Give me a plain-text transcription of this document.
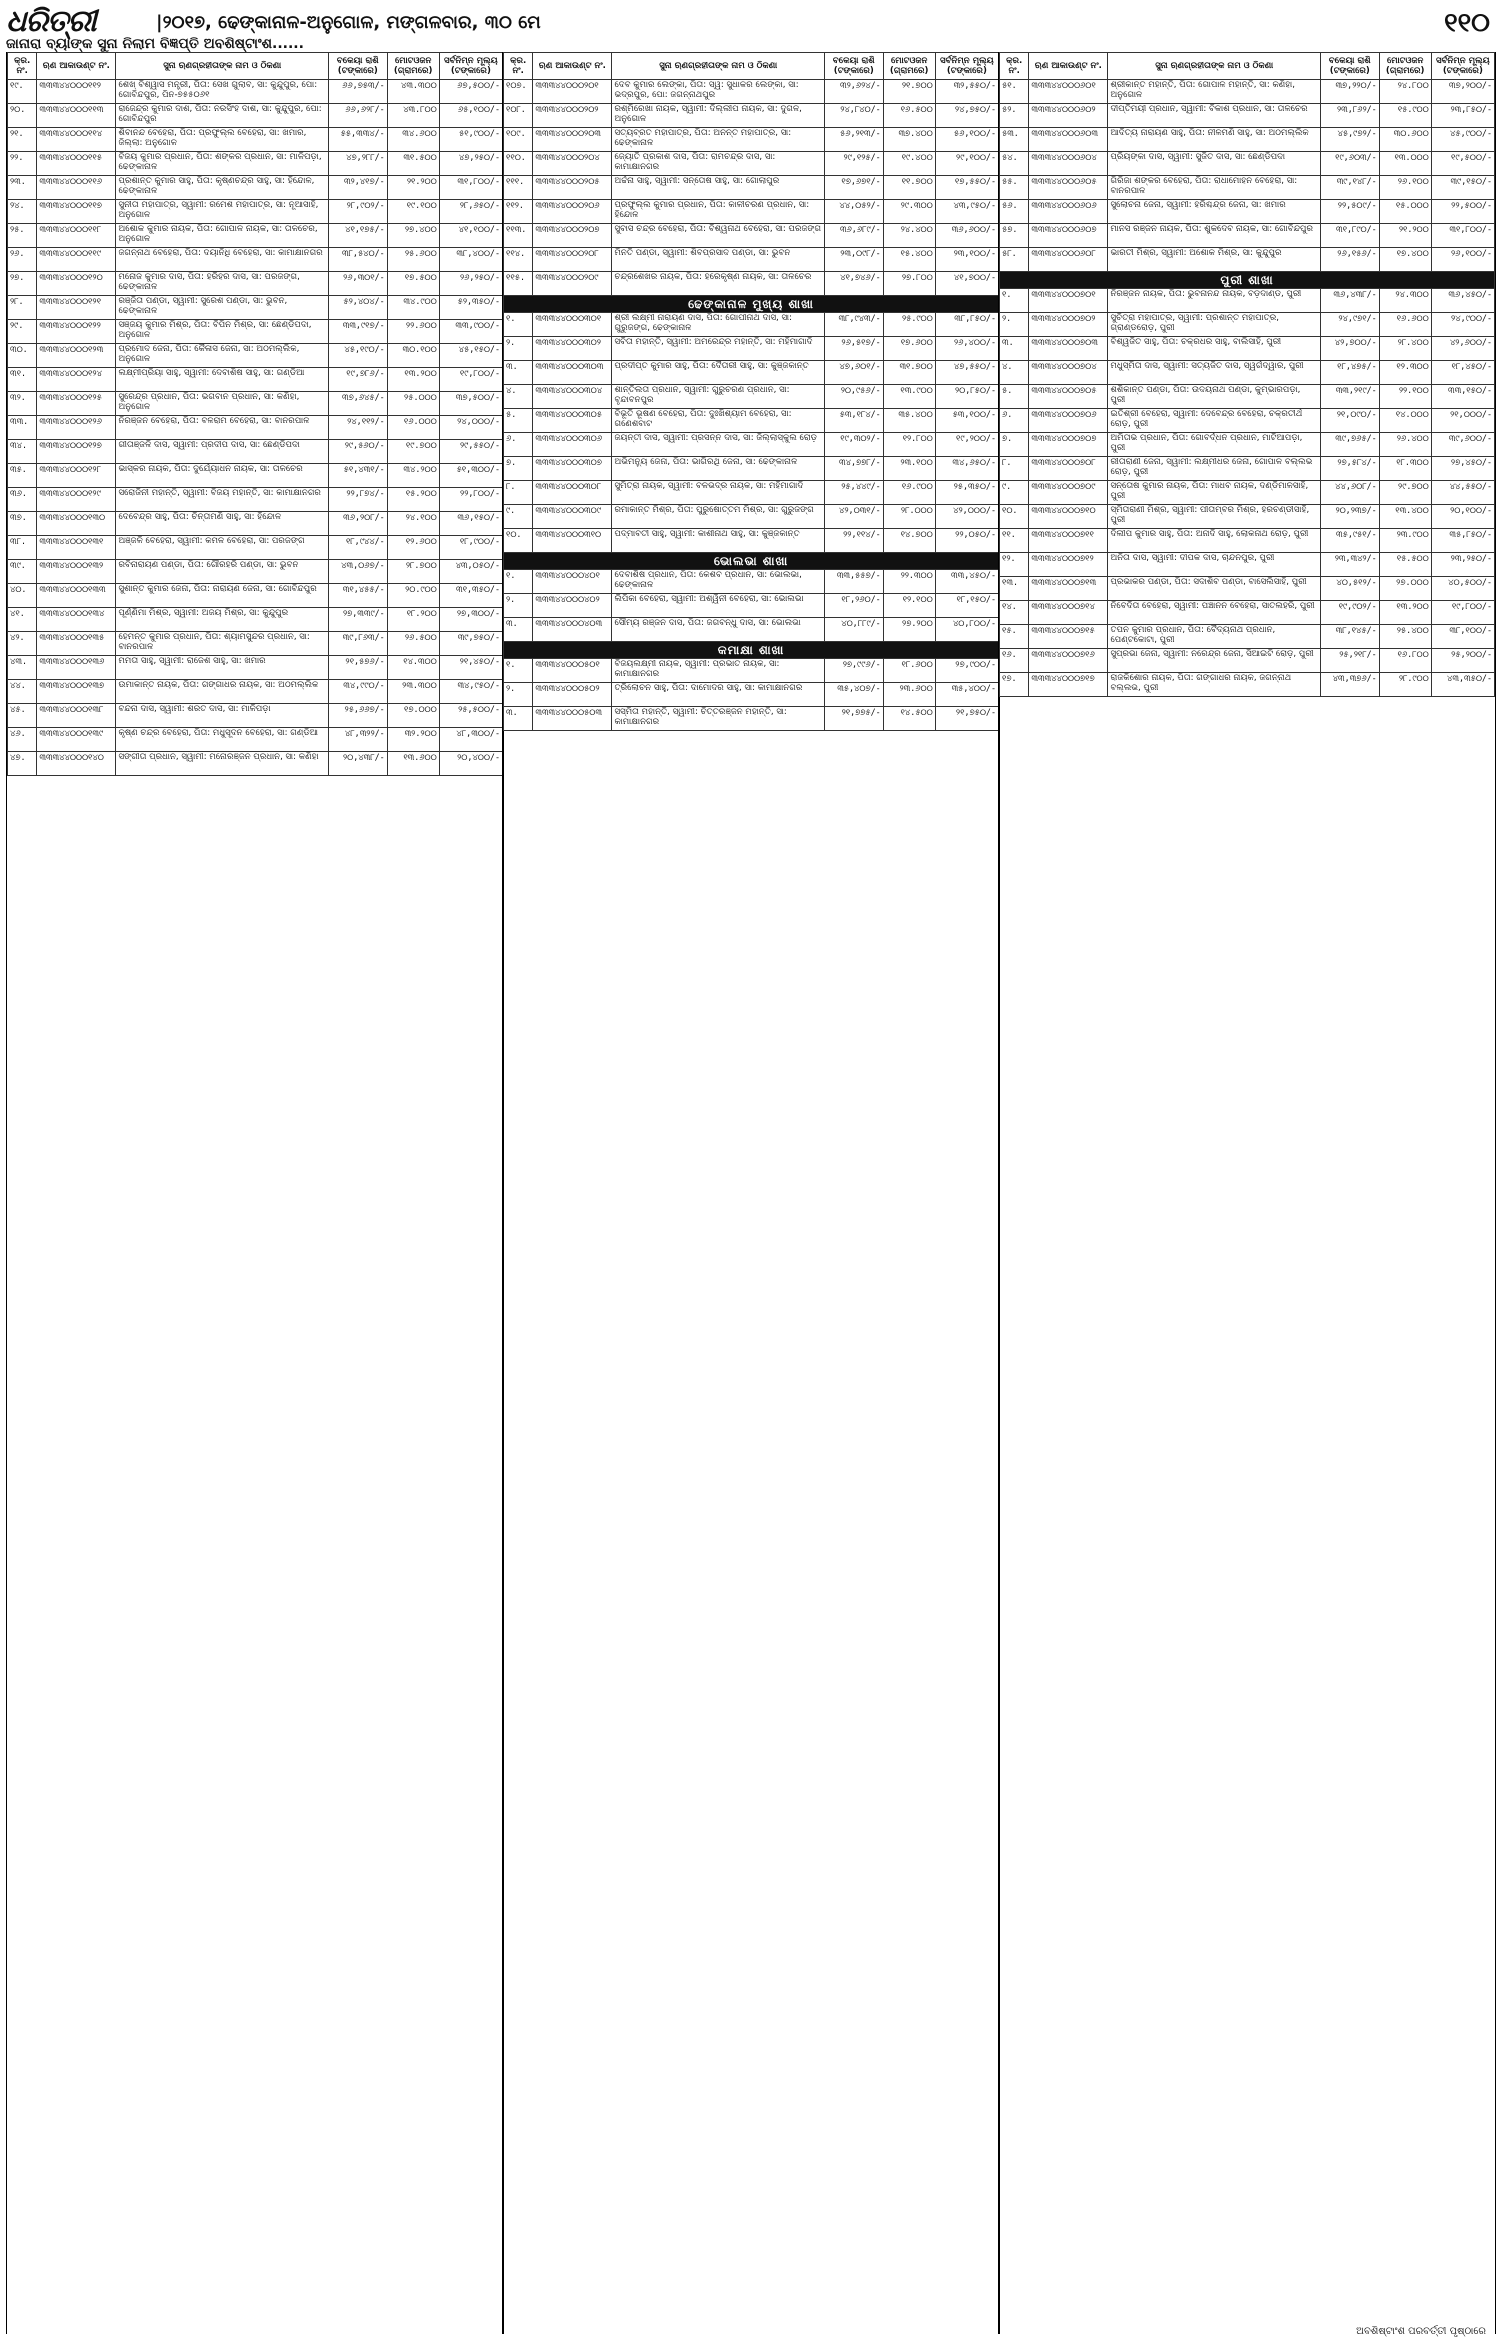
ଧରିତ୍ରୀ	|୨୦୧୭, ଢେଙ୍କାନାଳ-ଅନୁଗୋଳ, ମଙ୍ଗଳବାର, ୩୦ ମେ	୧୧୦
ଜାନାରା ବ୍ୟାଙ୍କ ସୁନା ନିଲାମ ବିଜ୍ଞପ୍ତି ଅବଶିଷ୍ଟାଂଶ......
କ୍ର. ନଂ.	ଋଣ ଆକାଉଣ୍ଟ ନଂ.	ସୁନା ଋଣଗ୍ରହୀତାଙ୍କ ନାମ ଓ ଠିକଣା	ବକେୟା ରାଶି (ଟଙ୍କାରେ)	ମୋଟଓଜନ (ଗ୍ରାମରେ)	ସର୍ବନିମ୍ନ ମୂଲ୍ୟ (ଟଙ୍କାରେ)
୧୯.	୩୩୩୪୪୦୦୦୧୧୨	ଶେଖ୍ ବିଶ୍ୱାସ ମନ୍ତ୍ରୀ, ପିତା: ସେଖ ଗୁଲାବ, ସା: କୁନ୍ଦୁପୁର, ପୋ: ଗୋବିନ୍ଦପୁର, ପିନ-୭୫୫୦୬୧	୬୬,୭୫୩/-	୪୩.୩୦୦	୬୭,୫୦୦/-
୨୦.	୩୩୩୪୪୦୦୦୧୧୩	ରାଜେନ୍ଦ୍ର କୁମାର ଦାଶ, ପିତା: ନରସିଂହ ଦାଶ, ସା: କୁନ୍ଦୁପୁର, ପୋ: ଗୋବିନ୍ଦପୁର	୬୬,୬୨୮/-	୪୩.୮୦୦	୬୫,୧୦୦/-
୨୧.	୩୩୩୪୪୦୦୦୧୧୪	ଶିବାନନ୍ଦ ବେହେରା, ପିତା: ପ୍ରଫୁଲ୍ଲ ବେହେରା, ସା: ଖମାର, ଜିଲ୍ଲା: ଅନୁଗୋଳ	୫୫,୩୩୪/-	୩୪.୬୦୦	୫୧,୯୦୦/-
୨୨.	୩୩୩୪୪୦୦୦୧୧୫	ବିଜୟ କୁମାର ପ୍ରଧାନ, ପିତା: ଶଙ୍କର ପ୍ରଧାନ, ସା: ମାଳିପଡ଼ା, ଢେଙ୍କାନାଳ	୪୭,୨୮୮/-	୩୧.୫୦୦	୪୭,୨୫୦/-
୨୩.	୩୩୩୪୪୦୦୦୧୧୬	ପ୍ରଶାନ୍ତ କୁମାର ସାହୁ, ପିତା: କୃଷ୍ଣଚନ୍ଦ୍ର ସାହୁ, ସା: ହିନ୍ଦୋଳ, ଢେଙ୍କାନାଳ	୩୨,୪୧୭/-	୨୧.୨୦୦	୩୧,୮୦୦/-
୨୪.	୩୩୩୪୪୦୦୦୧୧୭	ସୁନୀତା ମହାପାତ୍ର, ସ୍ୱାମୀ: ରମେଶ ମହାପାତ୍ର, ସା: ନୂଆସାହି, ଅନୁଗୋଳ	୨୮,୯୦୨/-	୧୯.୧୦୦	୨୮,୬୫୦/-
୨୫.	୩୩୩୪୪୦୦୦୧୧୮	ଅଶୋକ କୁମାର ନାୟକ, ପିତା: ଗୋପାଳ ନାୟକ, ସା: ତାଳଚେର, ଅନୁଗୋଳ	୪୧,୧୭୫/-	୨୭.୪୦୦	୪୧,୧୦୦/-
୨୬.	୩୩୩୪୪୦୦୦୧୧୯	ଜଗନ୍ନାଥ ବେହେରା, ପିତା: ଦୟାନିଧି ବେହେରା, ସା: କାମାକ୍ଷାନଗର	୩୮,୫୪୦/-	୨୫.୬୦୦	୩୮,୪୦୦/-
୨୭.	୩୩୩୪୪୦୦୦୧୨୦	ମନୋଜ କୁମାର ଦାସ, ପିତା: ହରିହର ଦାସ, ସା: ପରଜଙ୍ଗ, ଢେଙ୍କାନାଳ	୨୬,୩୦୧/-	୧୭.୫୦୦	୨୬,୨୫୦/-
୨୮.	୩୩୩୪୪୦୦୦୧୨୧	ରଞ୍ଜିତା ପଣ୍ଡା, ସ୍ୱାମୀ: ସୁରେଶ ପଣ୍ଡା, ସା: ଭୁବନ, ଢେଙ୍କାନାଳ	୫୨,୪୦୪/-	୩୪.୯୦୦	୫୨,୩୫୦/-
୨୯.	୩୩୩୪୪୦୦୦୧୨୨	ସଞ୍ଜୟ କୁମାର ମିଶ୍ର, ପିତା: ବିପିନ ମିଶ୍ର, ସା: ଛେଣ୍ଡିପଦା, ଅନୁଗୋଳ	୩୩,୯୧୭/-	୨୨.୬୦୦	୩୩,୯୦୦/-
୩୦.	୩୩୩୪୪୦୦୦୧୨୩	ପ୍ରମୋଦ ଜେନା, ପିତା: କୈଳାସ ଜେନା, ସା: ଅଠମଲ୍ଲିକ, ଅନୁଗୋଳ	୪୫,୧୯୦/-	୩୦.୧୦୦	୪୫,୧୫୦/-
୩୧.	୩୩୩୪୪୦୦୦୧୨୪	ଲକ୍ଷ୍ମୀପ୍ରିୟା ସାହୁ, ସ୍ୱାମୀ: ଦେବାଶିଷ ସାହୁ, ସା: ଗଣ୍ଡିଆ	୧୯,୭୮୬/-	୧୩.୨୦୦	୧୯,୮୦୦/-
୩୨.	୩୩୩୪୪୦୦୦୧୨୫	ସୁରେନ୍ଦ୍ର ପ୍ରଧାନ, ପିତା: ଭଗବାନ ପ୍ରଧାନ, ସା: କଣିହା, ଅନୁଗୋଳ	୩୭,୬୪୫/-	୨୫.୦୦୦	୩୭,୫୦୦/-
୩୩.	୩୩୩୪୪୦୦୦୧୨୬	ନିରଞ୍ଜନ ବେହେରା, ପିତା: ବଳରାମ ବେହେରା, ସା: ବାନରପାଳ	୨୪,୧୧୨/-	୧୬.୦୦୦	୨୪,୦୦୦/-
୩୪.	୩୩୩୪୪୦୦୦୧୨୭	ଗୀତାଞ୍ଜଳି ଦାସ, ସ୍ୱାମୀ: ପ୍ରଦୀପ ଦାସ, ସା: ଛେଣ୍ଡିପଦା	୨୯,୫୬୦/-	୧୯.୭୦୦	୨୯,୫୫୦/-
୩୫.	୩୩୩୪୪୦୦୦୧୨୮	ଭାସ୍କର ନାୟକ, ପିତା: ଦୁର୍ଯ୍ୟୋଧନ ନାୟକ, ସା: ତାଳଚେର	୫୧,୪୩୧/-	୩୪.୨୦୦	୫୧,୩୦୦/-
୩୬.	୩୩୩୪୪୦୦୦୧୨୯	ସରୋଜିନୀ ମହାନ୍ତି, ସ୍ୱାମୀ: ବିଜୟ ମହାନ୍ତି, ସା: କାମାକ୍ଷାନଗର	୨୨,୮୭୪/-	୧୫.୨୦୦	୨୨,୮୦୦/-
୩୭.	୩୩୩୪୪୦୦୦୧୩୦	ଦେବେନ୍ଦ୍ର ସାହୁ, ପିତା: ଚିନ୍ତାମଣି ସାହୁ, ସା: ହିନ୍ଦୋଳ	୩୬,୨୦୮/-	୨୪.୧୦୦	୩୬,୧୫୦/-
୩୮.	୩୩୩୪୪୦୦୦୧୩୧	ଅଞ୍ଜଳି ବେହେରା, ସ୍ୱାମୀ: କମଳ ବେହେରା, ସା: ପରଜଙ୍ଗ	୧୮,୯୪୪/-	୧୨.୬୦୦	୧୮,୯୦୦/-
୩୯.	୩୩୩୪୪୦୦୦୧୩୨	ରବିନାରାୟଣ ପଣ୍ଡା, ପିତା: ଗୌରହରି ପଣ୍ଡା, ସା: ଭୁବନ	୪୩,୦୬୭/-	୨୮.୭୦୦	୪୩,୦୫୦/-
୪୦.	୩୩୩୪୪୦୦୦୧୩୩	ସୁଶାନ୍ତ କୁମାର ଜେନା, ପିତା: ନାରାୟଣ ଜେନା, ସା: ଗୋବିନ୍ଦପୁର	୩୧,୪୫୫/-	୨୦.୯୦୦	୩୧,୩୫୦/-
୪୧.	୩୩୩୪୪୦୦୦୧୩୪	ପୂର୍ଣ୍ଣିମା ମିଶ୍ର, ସ୍ୱାମୀ: ଅଜୟ ମିଶ୍ର, ସା: କୁନ୍ଦୁପୁର	୨୭,୩୩୯/-	୧୮.୨୦୦	୨୭,୩୦୦/-
୪୨.	୩୩୩୪୪୦୦୦୧୩୫	ହେମନ୍ତ କୁମାର ପ୍ରଧାନ, ପିତା: ଶ୍ୟାମସୁନ୍ଦର ପ୍ରଧାନ, ସା: ବାନରପାଳ	୩୯,୮୬୩/-	୨୬.୫୦୦	୩୯,୭୫୦/-
୪୩.	୩୩୩୪୪୦୦୦୧୩୬	ମମତା ସାହୁ, ସ୍ୱାମୀ: ରାଜେଶ ସାହୁ, ସା: ଖମାର	୨୧,୫୭୬/-	୧୪.୩୦୦	୨୧,୪୫୦/-
୪୪.	୩୩୩୪୪୦୦୦୧୩୭	ଉମାକାନ୍ତ ନାୟକ, ପିତା: ଗଙ୍ଗାଧର ନାୟକ, ସା: ଅଠମଲ୍ଲିକ	୩୪,୯୯୦/-	୨୩.୩୦୦	୩୪,୯୫୦/-
୪୫.	୩୩୩୪୪୦୦୦୧୩୮	ବନ୍ଦନା ଦାସ, ସ୍ୱାମୀ: ଶରତ ଦାସ, ସା: ମାଳିପଡ଼ା	୨୫,୬୬୭/-	୧୭.୦୦୦	୨୫,୫୦୦/-
୪୬.	୩୩୩୪୪୦୦୦୧୩୯	କୃଷ୍ଣ ଚନ୍ଦ୍ର ବେହେରା, ପିତା: ମଧୁସୂଦନ ବେହେରା, ସା: ଗଣ୍ଡିଆ	୪୮,୩୨୨/-	୩୨.୨୦୦	୪୮,୩୦୦/-
୪୭.	୩୩୩୪୪୦୦୦୧୪୦	ସଙ୍ଗୀତା ପ୍ରଧାନ, ସ୍ୱାମୀ: ମନୋରଞ୍ଜନ ପ୍ରଧାନ, ସା: କଣିହା	୨୦,୪୩୮/-	୧୩.୬୦୦	୨୦,୪୦୦/-
କ୍ର. ନଂ.	ଋଣ ଆକାଉଣ୍ଟ ନଂ.	ସୁନା ଋଣଗ୍ରହୀତାଙ୍କ ନାମ ଓ ଠିକଣା	ବକେୟା ରାଶି (ଟଙ୍କାରେ)	ମୋଟଓଜନ (ଗ୍ରାମରେ)	ସର୍ବନିମ୍ନ ମୂଲ୍ୟ (ଟଙ୍କାରେ)
୧୦୭.	୩୩୩୪୪୦୦୦୨୦୧	ଦେବ କୁମାର ଲେଙ୍କା, ପିତା: ସ୍ୱ: ସୁଧାକର ଲେଙ୍କା, ସା: ଭଦ୍ରପୁର, ପୋ: ଜଗନ୍ନାଥପୁର	୩୨,୬୨୪/-	୨୧.୭୦୦	୩୨,୫୫୦/-
୧୦୮.	୩୩୩୪୪୦୦୦୨୦୨	ରଶ୍ମିରେଖା ନାୟକ, ସ୍ୱାମୀ: ଦିଲ୍ଲୀପ ନାୟକ, ସା: ଦୁଗଳ, ଅନୁଗୋଳ	୨୪,୮୪୦/-	୧୬.୫୦୦	୨୪,୭୫୦/-
୧୦୯.	୩୩୩୪୪୦୦୦୨୦୩	ସତ୍ୟବ୍ରତ ମହାପାତ୍ର, ପିତା: ଅନନ୍ତ ମହାପାତ୍ର, ସା: ଢେଙ୍କାନାଳ	୫୬,୨୧୩/-	୩୭.୪୦୦	୫୬,୧୦୦/-
୧୧୦.	୩୩୩୪୪୦୦୦୨୦୪	ଜ୍ୟୋତି ପ୍ରକାଶ ଦାସ, ପିତା: ରାମଚନ୍ଦ୍ର ଦାସ, ସା: କାମାକ୍ଷାନଗର	୨୯,୧୨୫/-	୧୯.୪୦୦	୨୯,୧୦୦/-
୧୧୧.	୩୩୩୪୪୦୦୦୨୦୫	ଅର୍ଚ୍ଚନା ସାହୁ, ସ୍ୱାମୀ: ସନ୍ତୋଷ ସାହୁ, ସା: ଗୋଲାପୁର	୧୭,୬୭୧/-	୧୧.୭୦୦	୧୭,୫୫୦/-
୧୧୨.	୩୩୩୪୪୦୦୦୨୦୬	ପ୍ରଫୁଲ୍ଲ କୁମାର ପ୍ରଧାନ, ପିତା: କାଳୀଚରଣ ପ୍ରଧାନ, ସା: ହିନ୍ଦୋଳ	୪୪,୦୫୨/-	୨୯.୩୦୦	୪୩,୯୫୦/-
୧୧୩.	୩୩୩୪୪୦୦୦୨୦୭	ସୁବାସ ଚନ୍ଦ୍ର ବେହେରା, ପିତା: ବିଶ୍ୱନାଥ ବେହେରା, ସା: ପରଜଙ୍ଗ	୩୬,୬୮୯/-	୨୪.୪୦୦	୩୬,୬୦୦/-
୧୧୪.	୩୩୩୪୪୦୦୦୨୦୮	ମିନତି ପଣ୍ଡା, ସ୍ୱାମୀ: ଶିବପ୍ରସାଦ ପଣ୍ଡା, ସା: ଭୁବନ	୨୩,୦୯୮/-	୧୫.୪୦୦	୨୩,୧୦୦/-
୧୧୫.	୩୩୩୪୪୦୦୦୨୦୯	ଚନ୍ଦ୍ରଶେଖର ନାୟକ, ପିତା: ହରେକୃଷ୍ଣ ନାୟକ, ସା: ତାଳଚେର	୪୧,୭୪୬/-	୨୭.୮୦୦	୪୧,୭୦୦/-
ଢେଙ୍କାନାଳ ମୁଖ୍ୟ ଶାଖା					
୧.	୩୩୩୪୪୦୦୦୩୦୧	ଶ୍ରୀ ଲକ୍ଷ୍ମୀ ନାରାୟଣ ଦାସ, ପିତା: ଗୋପୀନାଥ ଦାସ, ସା: ଗୁରୁଜଙ୍ଗ, ଢେଙ୍କାନାଳ	୩୮,୯୪୩/-	୨୫.୯୦୦	୩୮,୮୫୦/-
୨.	୩୩୩୪୪୦୦୦୩୦୨	ସବିତା ମହାନ୍ତି, ସ୍ୱାମୀ: ଅମରେନ୍ଦ୍ର ମହାନ୍ତି, ସା: ମହିମାଗାଦି	୨୬,୫୧୭/-	୧୭.୬୦୦	୨୬,୪୦୦/-
୩.	୩୩୩୪୪୦୦୦୩୦୩	ପ୍ରଦୀପ୍ତ କୁମାର ସାହୁ, ପିତା: ଦୈତାରୀ ସାହୁ, ସା: କୁଞ୍ଜକାନ୍ତ	୪୭,୬୦୧/-	୩୧.୭୦୦	୪୭,୫୫୦/-
୪.	୩୩୩୪୪୦୦୦୩୦୪	ଶାନ୍ତିଲତା ପ୍ରଧାନ, ସ୍ୱାମୀ: ଗୁରୁଚରଣ ପ୍ରଧାନ, ସା: ବୃନ୍ଦାବନପୁର	୨୦,୯୫୬/-	୧୩.୯୦୦	୨୦,୮୫୦/-
୫.	୩୩୩୪୪୦୦୦୩୦୫	ବିଭୂତି ଭୂଷଣ ବେହେରା, ପିତା: ଦୁଃଖିଶ୍ୟାମ ବେହେରା, ସା: ଗଣେଶବାଟ	୫୩,୧୮୪/-	୩୫.୪୦୦	୫୩,୧୦୦/-
୬.	୩୩୩୪୪୦୦୦୩୦୬	ଜୟନ୍ତୀ ଦାସ, ସ୍ୱାମୀ: ପ୍ରସନ୍ନ ଦାସ, ସା: ଜିଲ୍ଲାସ୍କୁଲ ରୋଡ଼	୧୯,୩୦୨/-	୧୨.୮୦୦	୧୯,୨୦୦/-
୭.	୩୩୩୪୪୦୦୦୩୦୭	ଅଭିମନ୍ୟୁ ଜେନା, ପିତା: ଭାଗିରଥି ଜେନା, ସା: ଢେଙ୍କାନାଳ	୩୪,୭୭୮/-	୨୩.୧୦୦	୩୪,୬୫୦/-
୮.	୩୩୩୪୪୦୦୦୩୦୮	ସୁମିତ୍ରା ନାୟକ, ସ୍ୱାମୀ: ବଳଭଦ୍ର ନାୟକ, ସା: ମହିମାଗାଦି	୨୫,୪୪୯/-	୧୬.୯୦୦	୨୫,୩୫୦/-
୯.	୩୩୩୪୪୦୦୦୩୦୯	ରମାକାନ୍ତ ମିଶ୍ର, ପିତା: ପୁରୁଷୋତ୍ତମ ମିଶ୍ର, ସା: ଗୁରୁଜଙ୍ଗ	୪୨,୦୩୧/-	୨୮.୦୦୦	୪୨,୦୦୦/-
୧୦.	୩୩୩୪୪୦୦୦୩୧୦	ପଦ୍ମାବତୀ ସାହୁ, ସ୍ୱାମୀ: କାଶୀନାଥ ସାହୁ, ସା: କୁଞ୍ଜକାନ୍ତ	୨୨,୧୧୪/-	୧୪.୭୦୦	୨୨,୦୫୦/-
ଭୋଲଭା ଶାଖା					
୧.	୩୩୩୪୪୦୦୦୪୦୧	ଦେବାଶିଷ ପ୍ରଧାନ, ପିତା: କେଶବ ପ୍ରଧାନ, ସା: ଭୋଲଭା, ଢେଙ୍କାନାଳ	୩୩,୫୫୭/-	୨୨.୩୦୦	୩୩,୪୫୦/-
୨.	୩୩୩୪୪୦୦୦୪୦୨	ଲିପିକା ବେହେରା, ସ୍ୱାମୀ: ଅଶ୍ୱିନୀ ବେହେରା, ସା: ଭୋଲଭା	୧୮,୨୬୦/-	୧୨.୧୦୦	୧୮,୧୫୦/-
୩.	୩୩୩୪୪୦୦୦୪୦୩	ସୌମ୍ୟ ରଞ୍ଜନ ଦାସ, ପିତା: ଜଗବନ୍ଧୁ ଦାସ, ସା: ଭୋଲଭା	୪୦,୮୮୯/-	୨୭.୨୦୦	୪୦,୮୦୦/-
କମାକ୍ଷା ଶାଖା					
୧.	୩୩୩୪୪୦୦୦୫୦୧	ବିଜୟଲକ୍ଷ୍ମୀ ନାୟକ, ସ୍ୱାମୀ: ପ୍ରଭାତ ନାୟକ, ସା: କାମାକ୍ଷାନଗର	୨୭,୯୯୬/-	୧୮.୬୦୦	୨୭,୯୦୦/-
୨.	୩୩୩୪୪୦୦୦୫୦୨	ତ୍ରିଲୋଚନ ସାହୁ, ପିତା: ଦାମୋଦର ସାହୁ, ସା: କାମାକ୍ଷାନଗର	୩୫,୪୦୭/-	୨୩.୬୦୦	୩୫,୪୦୦/-
୩.	୩୩୩୪୪୦୦୦୫୦୩	ସସ୍ମିତା ମହାନ୍ତି, ସ୍ୱାମୀ: ଚିତ୍ତରଞ୍ଜନ ମହାନ୍ତି, ସା: କାମାକ୍ଷାନଗର	୨୧,୭୭୫/-	୧୪.୫୦୦	୨୧,୭୫୦/-
କ୍ର. ନଂ.	ଋଣ ଆକାଉଣ୍ଟ ନଂ.	ସୁନା ଋଣଗ୍ରହୀତାଙ୍କ ନାମ ଓ ଠିକଣା	ବକେୟା ରାଶି (ଟଙ୍କାରେ)	ମୋଟଓଜନ (ଗ୍ରାମରେ)	ସର୍ବନିମ୍ନ ମୂଲ୍ୟ (ଟଙ୍କାରେ)
୫୧.	୩୩୩୪୪୦୦୦୬୦୧	ଶ୍ରୀକାନ୍ତ ମହାନ୍ତି, ପିତା: ଗୋପାଳ ମହାନ୍ତି, ସା: କଣିହା, ଅନୁଗୋଳ	୩୭,୨୨୦/-	୨୪.୮୦୦	୩୭,୨୦୦/-
୫୨.	୩୩୩୪୪୦୦୦୬୦୨	ଦୀପ୍ତିମୟୀ ପ୍ରଧାନ, ସ୍ୱାମୀ: ବିକାଶ ପ୍ରଧାନ, ସା: ତାଳଚେର	୨୩,୮୬୨/-	୧୫.୯୦୦	୨୩,୮୫୦/-
୫୩.	୩୩୩୪୪୦୦୦୬୦୩	ଆଦିତ୍ୟ ନାରାୟଣ ସାହୁ, ପିତା: ନୀଳମଣି ସାହୁ, ସା: ଅଠମଲ୍ଲିକ	୪୫,୯୭୨/-	୩୦.୬୦୦	୪୫,୯୦୦/-
୫୪.	୩୩୩୪୪୦୦୦୬୦୪	ପ୍ରିୟଙ୍କା ଦାସ, ସ୍ୱାମୀ: ସୁଜିତ ଦାସ, ସା: ଛେଣ୍ଡିପଦା	୧୯,୬୦୩/-	୧୩.୦୦୦	୧୯,୫୦୦/-
୫୫.	୩୩୩୪୪୦୦୦୬୦୫	ଗିରିଜା ଶଙ୍କର ବେହେରା, ପିତା: ରାଧାମୋହନ ବେହେରା, ସା: ବାନରପାଳ	୩୯,୧୪୮/-	୨୬.୧୦୦	୩୯,୧୫୦/-
୫୬.	୩୩୩୪୪୦୦୦୬୦୬	ସୁଲୋଚନା ଜେନା, ସ୍ୱାମୀ: ହରିଶ୍ଚନ୍ଦ୍ର ଜେନା, ସା: ଖମାର	୨୨,୫୦୯/-	୧୫.୦୦୦	୨୨,୫୦୦/-
୫୭.	୩୩୩୪୪୦୦୦୬୦୭	ମାନସ ରଞ୍ଜନ ନାୟକ, ପିତା: ଶୁକଦେବ ନାୟକ, ସା: ଗୋବିନ୍ଦପୁର	୩୧,୮୯୦/-	୨୧.୨୦୦	୩୧,୮୦୦/-
୫୮.	୩୩୩୪୪୦୦୦୬୦୮	ଭାରତୀ ମିଶ୍ର, ସ୍ୱାମୀ: ଅଶୋକ ମିଶ୍ର, ସା: କୁନ୍ଦୁପୁର	୨୬,୧୫୬/-	୧୭.୪୦୦	୨୬,୧୦୦/-
ପୁରୀ ଶାଖା					
୧.	୩୩୩୪୪୦୦୦୭୦୧	ନିରଞ୍ଜନ ନାୟକ, ପିତା: ଭୁବନାନନ୍ଦ ନାୟକ, ବଡ଼ଦାଣ୍ଡ, ପୁରୀ	୩୬,୪୩୮/-	୨୪.୩୦୦	୩୬,୪୫୦/-
୨.	୩୩୩୪୪୦୦୦୭୦୨	ସୁଚିତ୍ରା ମହାପାତ୍ର, ସ୍ୱାମୀ: ପ୍ରଶାନ୍ତ ମହାପାତ୍ର, ଗ୍ରାଣ୍ଡରୋଡ଼, ପୁରୀ	୨୪,୯୭୧/-	୧୬.୬୦୦	୨୪,୯୦୦/-
୩.	୩୩୩୪୪୦୦୦୭୦୩	ବିଶ୍ୱଜିତ ସାହୁ, ପିତା: ଚକ୍ରଧର ସାହୁ, ବାଲିସାହି, ପୁରୀ	୪୨,୭୦୦/-	୨୮.୪୦୦	୪୨,୬୦୦/-
୪.	୩୩୩୪୪୦୦୦୭୦୪	ମଧୁସ୍ମିତା ଦାସ, ସ୍ୱାମୀ: ସତ୍ୟଜିତ ଦାସ, ସ୍ୱର୍ଗଦ୍ୱାର, ପୁରୀ	୧୮,୪୭୫/-	୧୨.୩୦୦	୧୮,୪୫୦/-
୫.	୩୩୩୪୪୦୦୦୭୦୫	ଶଶିକାନ୍ତ ପଣ୍ଡା, ପିତା: ଉଦୟନାଥ ପଣ୍ଡା, କୁମ୍ଭାରପଡ଼ା, ପୁରୀ	୩୩,୨୧୯/-	୨୨.୧୦୦	୩୩,୧୫୦/-
୬.	୩୩୩୪୪୦୦୦୭୦୬	ଇତିଶ୍ରୀ ବେହେରା, ସ୍ୱାମୀ: ଦେବେନ୍ଦ୍ର ବେହେରା, ଚକ୍ରତୀର୍ଥ ରୋଡ଼, ପୁରୀ	୨୧,୦୯୦/-	୧୪.୦୦୦	୨୧,୦୦୦/-
୭.	୩୩୩୪୪୦୦୦୭୦୭	ଅମିତାଭ ପ୍ରଧାନ, ପିତା: ଗୋବର୍ଦ୍ଧନ ପ୍ରଧାନ, ମାଟିଆପଡ଼ା, ପୁରୀ	୩୯,୭୬୫/-	୨୬.୪୦୦	୩୯,୬୦୦/-
୮.	୩୩୩୪୪୦୦୦୭୦୮	ରୀତାରାଣୀ ଜେନା, ସ୍ୱାମୀ: ଲକ୍ଷ୍ମୀଧର ଜେନା, ଗୋପାଳ ବଲ୍ଲଭ ରୋଡ଼, ପୁରୀ	୨୭,୫୮୪/-	୧୮.୩୦୦	୨୭,୪୫୦/-
୯.	୩୩୩୪୪୦୦୦୭୦୯	ସନ୍ତୋଷ କୁମାର ନାୟକ, ପିତା: ମାଧବ ନାୟକ, ଦଣ୍ଡିମାଳସାହି, ପୁରୀ	୪୪,୬୦୮/-	୨୯.୭୦୦	୪୪,୫୫୦/-
୧୦.	୩୩୩୪୪୦୦୦୭୧୦	ସ୍ମିତାରାଣୀ ମିଶ୍ର, ସ୍ୱାମୀ: ପୀତାମ୍ବର ମିଶ୍ର, ହରଚଣ୍ଡୀସାହି, ପୁରୀ	୨୦,୨୩୭/-	୧୩.୪୦୦	୨୦,୧୦୦/-
୧୧.	୩୩୩୪୪୦୦୦୭୧୧	ଦିଲୀପ କୁମାର ସାହୁ, ପିତା: ଅନାଦି ସାହୁ, ଲୋକନାଥ ରୋଡ଼, ପୁରୀ	୩୫,୯୫୧/-	୨୩.୯୦୦	୩୫,୮୫୦/-
୧୨.	୩୩୩୪୪୦୦୦୭୧୨	ଅନିତା ଦାସ, ସ୍ୱାମୀ: ଦୀପକ ଦାସ, ଚାନ୍ଦନପୁର, ପୁରୀ	୨୩,୩୪୨/-	୧୫.୫୦୦	୨୩,୨୫୦/-
୧୩.	୩୩୩୪୪୦୦୦୭୧୩	ପ୍ରଭାକର ପଣ୍ଡା, ପିତା: ସଦାଶିବ ପଣ୍ଡା, ବାସେଲିସାହି, ପୁରୀ	୪୦,୫୧୨/-	୨୭.୦୦୦	୪୦,୫୦୦/-
୧୪.	୩୩୩୪୪୦୦୦୭୧୪	ନିବେଦିତା ବେହେରା, ସ୍ୱାମୀ: ପଞ୍ଚାନନ ବେହେରା, ସାତଲହରି, ପୁରୀ	୧୯,୯୦୨/-	୧୩.୨୦୦	୧୯,୮୦୦/-
୧୫.	୩୩୩୪୪୦୦୦୭୧୫	ତପନ କୁମାର ପ୍ରଧାନ, ପିତା: ବୈଦ୍ୟନାଥ ପ୍ରଧାନ, ପେଣ୍ଟକୋଟା, ପୁରୀ	୩୮,୧୪୫/-	୨୫.୪୦୦	୩୮,୧୦୦/-
୧୬.	୩୩୩୪୪୦୦୦୭୧୬	ସୁପ୍ରଭା ଜେନା, ସ୍ୱାମୀ: ନରେନ୍ଦ୍ର ଜେନା, ସିଆଇଟି ରୋଡ଼, ପୁରୀ	୨୫,୨୧୮/-	୧୬.୮୦୦	୨୫,୨୦୦/-
୧୭.	୩୩୩୪୪୦୦୦୭୧୭	ରାଜକିଶୋର ନାୟକ, ପିତା: ଗଙ୍ଗାଧର ନାୟକ, ଜଗନ୍ନାଥ ବଲ୍ଲଭ, ପୁରୀ	୪୩,୩୭୬/-	୨୮.୯୦୦	୪୩,୩୫୦/-
ଅବଶିଷ୍ଟାଂଶ ପରବର୍ତ୍ତୀ ପୃଷ୍ଠାରେ
